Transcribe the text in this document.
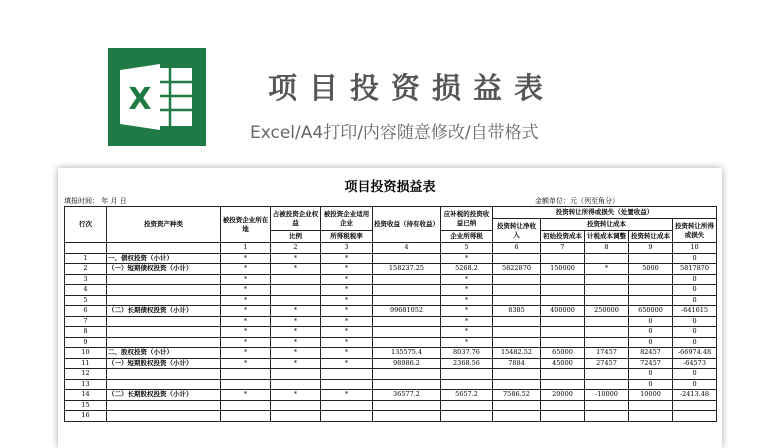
X	项目投资损益表
Excel/A4打印/内容随意修改/自带格式
项目投资损益表
填报时间： 年 月 日	金额单位：元（列至角分）
行次	投资资产种类	被投资企业所在地	占被投资企业权益	被投资企业适用企业	投资收益（持有收益）	应补税的投资收益已纳	投资转让所得或损失（处置收益）				
							投资转让净收入	投资转让成本			投资转让所得或损失
			比例	所得税税率		企业所得税		初始投资成本	计税成本调整	投资转让成本	
		1	2	3	4	5	6	7	8	9	10
1	一、债权投资（小计）	*	*	*		*					0
2	（一）短期债权投资（小计）	*	*	*	158237.25	5268.2	5822870	150000	*	5000	5817870
3		*		*		*					0
4		*		*		*					0
5		*		*		*					0
6	（二）长期债权投资（小计）	*	*	*	99681052	*	8385	400000	250000	650000	-641615
7		*	*	*		*				0	0
8		*	*	*		*				0	0
9		*	*	*		*				0	0
10	二、股权投资（小计）	*	*	*	135575.4	8037.76	15482.52	65000	17457	82457	-66974.48
11	（一）短期股权投资（小计）	*	*	*	98986.2	2368.56	7884	45000	27457	72457	-64573
12										0	0
13										0	0
14	（二）长期股权投资（小计）	*	*	*	36577.2	5657.2	7586.52	20000	-10000	10000	-2413.48
15											
16											
